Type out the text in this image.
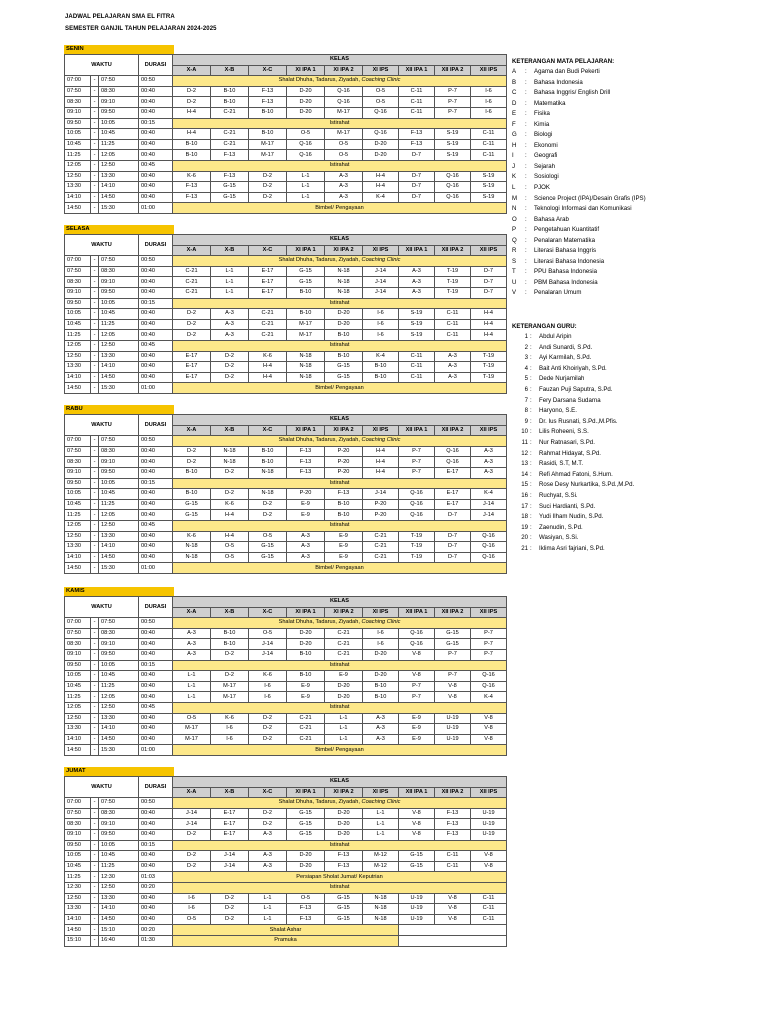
JADWAL PELAJARAN SMA EL FITRA
SEMESTER GANJIL TAHUN PELAJARAN 2024-2025
SENIN
WAKTU			DURASI	KELAS								
				X-A	X-B	X-C	XI IPA 1	XI IPA 2	XI IPS	XII IPA 1	XII IPA 2	XII IPS
07:00	-	07:50	00:50	Shalat Dhuha, Tadarus, Ziyadah, Coaching Clinic								
07:50	-	08:30	00:40	D-2	B-10	F-13	D-20	Q-16	O-5	C-11	P-7	I-6
08:30	-	09:10	00:40	D-2	B-10	F-13	D-20	Q-16	O-5	C-11	P-7	I-6
09:10	-	09:50	00:40	H-4	C-21	B-10	D-20	M-17	Q-16	C-11	P-7	I-6
09:50	-	10:05	00:15	Istirahat								
10:05	-	10:45	00:40	H-4	C-21	B-10	O-5	M-17	Q-16	F-13	S-19	C-11
10:45	-	11:25	00:40	B-10	C-21	M-17	Q-16	O-5	D-20	F-13	S-19	C-11
11:25	-	12:05	00:40	B-10	F-13	M-17	Q-16	O-5	D-20	D-7	S-19	C-11
12:05	-	12:50	00:45	Istirahat								
12:50	-	13:30	00:40	K-6	F-13	D-2	L-1	A-3	H-4	D-7	Q-16	S-19
13:30	-	14:10	00:40	F-13	G-15	D-2	L-1	A-3	H-4	D-7	Q-16	S-19
14:10	-	14:50	00:40	F-13	G-15	D-2	L-1	A-3	K-4	D-7	Q-16	S-19
14:50	-	15:30	01:00	Bimbel/ Pengayaan								
SELASA
WAKTU			DURASI	KELAS								
				X-A	X-B	X-C	XI IPA 1	XI IPA 2	XI IPS	XII IPA 1	XII IPA 2	XII IPS
07:00	-	07:50	00:50	Shalat Dhuha, Tadarus, Ziyadah, Coaching Clinic								
07:50	-	08:30	00:40	C-21	L-1	E-17	G-15	N-18	J-14	A-3	T-19	D-7
08:30	-	09:10	00:40	C-21	L-1	E-17	G-15	N-18	J-14	A-3	T-19	D-7
09:10	-	09:50	00:40	C-21	L-1	E-17	B-10	N-18	J-14	A-3	T-19	D-7
09:50	-	10:05	00:15	Istirahat								
10:05	-	10:45	00:40	D-2	A-3	C-21	B-10	D-20	I-6	S-19	C-11	H-4
10:45	-	11:25	00:40	D-2	A-3	C-21	M-17	D-20	I-6	S-19	C-11	H-4
11:25	-	12:05	00:40	D-2	A-3	C-21	M-17	B-10	I-6	S-19	C-11	H-4
12:05	-	12:50	00:45	Istirahat								
12:50	-	13:30	00:40	E-17	D-2	K-6	N-18	B-10	K-4	C-11	A-3	T-19
13:30	-	14:10	00:40	E-17	D-2	H-4	N-18	G-15	B-10	C-11	A-3	T-19
14:10	-	14:50	00:40	E-17	D-2	H-4	N-18	G-15	B-10	C-11	A-3	T-19
14:50	-	15:30	01:00	Bimbel/ Pengayaan								
RABU
WAKTU			DURASI	KELAS								
				X-A	X-B	X-C	XI IPA 1	XI IPA 2	XI IPS	XII IPA 1	XII IPA 2	XII IPS
07:00	-	07:50	00:50	Shalat Dhuha, Tadarus, Ziyadah, Coaching Clinic								
07:50	-	08:30	00:40	D-2	N-18	B-10	F-13	P-20	H-4	P-7	Q-16	A-3
08:30	-	09:10	00:40	D-2	N-18	B-10	F-13	P-20	H-4	P-7	Q-16	A-3
09:10	-	09:50	00:40	B-10	D-2	N-18	F-13	P-20	H-4	P-7	E-17	A-3
09:50	-	10:05	00:15	Istirahat								
10:05	-	10:45	00:40	B-10	D-2	N-18	P-20	F-13	J-14	Q-16	E-17	K-4
10:45	-	11:25	00:40	G-15	K-6	D-2	E-9	B-10	P-20	Q-16	E-17	J-14
11:25	-	12:05	00:40	G-15	H-4	D-2	E-9	B-10	P-20	Q-16	D-7	J-14
12:05	-	12:50	00:45	Istirahat								
12:50	-	13:30	00:40	K-6	H-4	O-5	A-3	E-9	C-21	T-19	D-7	Q-16
13:30	-	14:10	00:40	N-18	O-5	G-15	A-3	E-9	C-21	T-19	D-7	Q-16
14:10	-	14:50	00:40	N-18	O-5	G-15	A-3	E-9	C-21	T-19	D-7	Q-16
14:50	-	15:30	01:00	Bimbel/ Pengayaan								
KAMIS
WAKTU			DURASI	KELAS								
				X-A	X-B	X-C	XI IPA 1	XI IPA 2	XI IPS	XII IPA 1	XII IPA 2	XII IPS
07:00	-	07:50	00:50	Shalat Dhuha, Tadarus, Ziyadah, Coaching Clinic								
07:50	-	08:30	00:40	A-3	B-10	O-5	D-20	C-21	I-6	Q-16	G-15	P-7
08:30	-	09:10	00:40	A-3	B-10	J-14	D-20	C-21	I-6	Q-16	G-15	P-7
09:10	-	09:50	00:40	A-3	D-2	J-14	B-10	C-21	D-20	V-8	P-7	P-7
09:50	-	10:05	00:15	Istirahat								
10:05	-	10:45	00:40	L-1	D-2	K-6	B-10	E-9	D-20	V-8	P-7	Q-16
10:45	-	11:25	00:40	L-1	M-17	I-6	E-9	D-20	B-10	P-7	V-8	Q-16
11:25	-	12:05	00:40	L-1	M-17	I-6	E-9	D-20	B-10	P-7	V-8	K-4
12:05	-	12:50	00:45	Istirahat								
12:50	-	13:30	00:40	O-5	K-6	D-2	C-21	L-1	A-3	E-9	U-19	V-8
13:30	-	14:10	00:40	M-17	I-6	D-2	C-21	L-1	A-3	E-9	U-19	V-8
14:10	-	14:50	00:40	M-17	I-6	D-2	C-21	L-1	A-3	E-9	U-19	V-8
14:50	-	15:30	01:00	Bimbel/ Pengayaan								
JUMAT
WAKTU			DURASI	KELAS								
				X-A	X-B	X-C	XI IPA 1	XI IPA 2	XI IPS	XII IPA 1	XII IPA 2	XII IPS
07:00	-	07:50	00:50	Shalat Dhuha, Tadarus, Ziyadah, Coaching Clinic								
07:50	-	08:30	00:40	J-14	E-17	D-2	G-15	D-20	L-1	V-8	F-13	U-19
08:30	-	09:10	00:40	J-14	E-17	D-2	G-15	D-20	L-1	V-8	F-13	U-19
09:10	-	09:50	00:40	D-2	E-17	A-3	G-15	D-20	L-1	V-8	F-13	U-19
09:50	-	10:05	00:15	Istirahat								
10:05	-	10:45	00:40	D-2	J-14	A-3	D-20	F-13	M-12	G-15	C-11	V-8
10:45	-	11:25	00:40	D-2	J-14	A-3	D-20	F-13	M-12	G-15	C-11	V-8
11:25	-	12:30	01:03	Persiapan Sholat Jumat/ Keputrian								
12:30	-	12:50	00:20	Istirahat								
12:50	-	13:30	00:40	I-6	D-2	L-1	O-5	G-15	N-18	U-19	V-8	C-11
13:30	-	14:10	00:40	I-6	D-2	L-1	F-13	G-15	N-18	U-19	V-8	C-11
14:10	-	14:50	00:40	O-5	D-2	L-1	F-13	G-15	N-18	U-19	V-8	C-11
14:50	-	15:10	00:20	Shalat Ashar								
15:10	-	16:40	01:30	Pramuka								
KETERANGAN MATA PELAJARAN:
A	:	Agama dan Budi Pekerti
B	:	Bahasa Indonesia
C	:	Bahasa Inggris/ English Drill
D	:	Matematika
E	:	Fisika
F	:	Kimia
G	:	Biologi
H	:	Ekonomi
I	:	Geografi
J	:	Sejarah
K	:	Sosiologi
L	:	PJOK
M	:	Science Project (IPA)/Desain Grafis (IPS)
N	:	Teknologi Informasi dan Komunikasi
O	:	Bahasa Arab
P	:	Pengetahuan Kuantitatif
Q	:	Penalaran Matematika
R	:	Literasi Bahasa Inggris
S	:	Literasi Bahasa Indonesia
T	:	PPU Bahasa Indonesia
U	:	PBM Bahasa Indonesia
V	:	Penalaran Umum
KETERANGAN GURU:
1 :	Abdul Aripin
2 :	Andi Sunardi, S.Pd.
3 :	Ayi Karmilah, S.Pd.
4 :	Bait Anti Khoiriyah, S.Pd.
5 :	Dede Nurjamilah
6 :	Fauzan Puji Saputra, S.Pd.
7 :	Fery Darsana Sudarna
8 :	Haryono, S.E.
9 :	Dr. Ius Rusnati, S.Pd.,M.Pfis.
10 :	Lilis Roheeni, S.S.
11 :	Nur Ratnasari, S.Pd.
12 :	Rahmat Hidayat, S.Pd.
13 :	Rasidi, S.T, M.T.
14 :	Refi Ahmad Fatoni, S.Hum.
15 :	Rose Desy Nurkartika, S.Pd.,M.Pd.
16 :	Ruchyat, S.Si.
17 :	Suci Hardianti, S.Pd.
18 :	Yudi Ilham Nudin, S.Pd.
19 :	Zaenudin, S.Pd.
20 :	Wasiyan, S.Si.
21 :	Iklima Asri fajriani, S.Pd.
